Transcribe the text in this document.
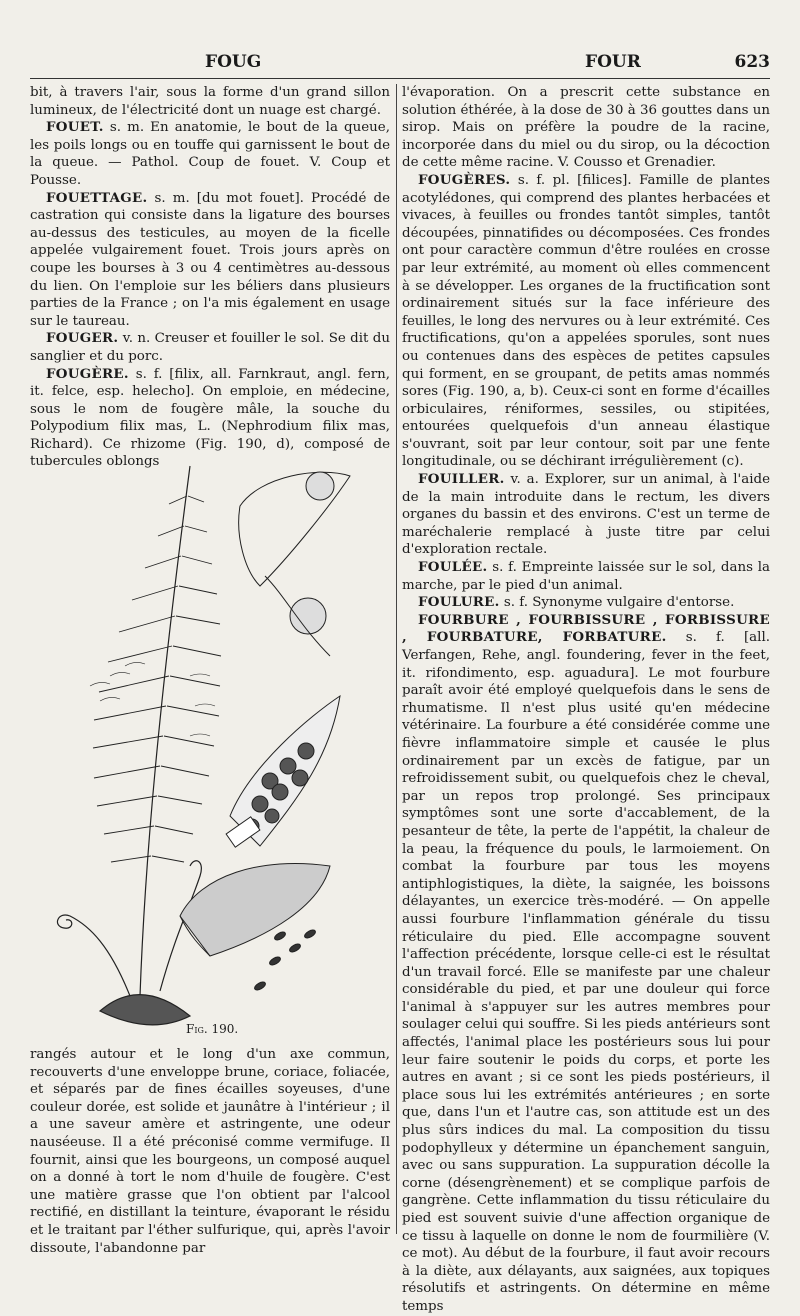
FOUG	FOUR	623

bit, à travers l'air, sous la forme d'un grand sillon lumineux, de l'électricité dont un nuage est chargé.

FOUET. s. m. En anatomie, le bout de la queue, les poils longs ou en touffe qui garnissent le bout de la queue. — Pathol. Coup de fouet. V. Coup et Pousse.

FOUETTAGE. s. m. [du mot fouet]. Procédé de castration qui consiste dans la ligature des bourses au-dessus des testicules, au moyen de la ficelle appelée vulgairement fouet. Trois jours après on coupe les bourses à 3 ou 4 centimètres au-dessous du lien. On l'emploie sur les béliers dans plusieurs parties de la France ; on l'a mis également en usage sur le taureau.

FOUGER. v. n. Creuser et fouiller le sol. Se dit du sanglier et du porc.

FOUGÈRE. s. f. [filix, all. Farnkraut, angl. fern, it. felce, esp. helecho]. On emploie, en médecine, sous le nom de fougère mâle, la souche du Polypodium filix mas, L. (Nephrodium filix mas, Richard). Ce rhizome (Fig. 190, d), composé de tubercules oblongs

Fig. 190.

rangés autour et le long d'un axe commun, recouverts d'une enveloppe brune, coriace, foliacée, et séparés par de fines écailles soyeuses, d'une couleur dorée, est solide et jaunâtre à l'intérieur ; il a une saveur amère et astringente, une odeur nauséeuse. Il a été préconisé comme vermifuge. Il fournit, ainsi que les bourgeons, un composé auquel on a donné à tort le nom d'huile de fougère. C'est une matière grasse que l'on obtient par l'alcool rectifié, en distillant la teinture, évaporant le résidu et le traitant par l'éther sulfurique, qui, après l'avoir dissoute, l'abandonne par

l'évaporation. On a prescrit cette substance en solution éthérée, à la dose de 30 à 36 gouttes dans un sirop. Mais on préfère la poudre de la racine, incorporée dans du miel ou du sirop, ou la décoction de cette même racine. V. Cousso et Grenadier.

FOUGÈRES. s. f. pl. [filices]. Famille de plantes acotylédones, qui comprend des plantes herbacées et vivaces, à feuilles ou frondes tantôt simples, tantôt découpées, pinnatifides ou décomposées. Ces frondes ont pour caractère commun d'être roulées en crosse par leur extrémité, au moment où elles commencent à se développer. Les organes de la fructification sont ordinairement situés sur la face inférieure des feuilles, le long des nervures ou à leur extrémité. Ces fructifications, qu'on a appelées sporules, sont nues ou contenues dans des espèces de petites capsules qui forment, en se groupant, de petits amas nommés sores (Fig. 190, a, b). Ceux-ci sont en forme d'écailles orbiculaires, réniformes, sessiles, ou stipitées, entourées quelquefois d'un anneau élastique s'ouvrant, soit par leur contour, soit par une fente longitudinale, ou se déchirant irrégulièrement (c).

FOUILLER. v. a. Explorer, sur un animal, à l'aide de la main introduite dans le rectum, les divers organes du bassin et des environs. C'est un terme de maréchalerie remplacé à juste titre par celui d'exploration rectale.

FOULÉE. s. f. Empreinte laissée sur le sol, dans la marche, par le pied d'un animal.

FOULURE. s. f. Synonyme vulgaire d'entorse.

FOURBURE , FOURBISSURE , FORBISSURE , FOURBATURE, FORBATURE. s. f. [all. Verfangen, Rehe, angl. foundering, fever in the feet, it. rifondimento, esp. aguadura]. Le mot fourbure paraît avoir été employé quelquefois dans le sens de rhumatisme. Il n'est plus usité qu'en médecine vétérinaire. La fourbure a été considérée comme une fièvre inflammatoire simple et causée le plus ordinairement par un excès de fatigue, par un refroidissement subit, ou quelquefois chez le cheval, par un repos trop prolongé. Ses principaux symptômes sont une sorte d'accablement, de la pesanteur de tête, la perte de l'appétit, la chaleur de la peau, la fréquence du pouls, le larmoiement. On combat la fourbure par tous les moyens antiphlogistiques, la diète, la saignée, les boissons délayantes, un exercice très-modéré. — On appelle aussi fourbure l'inflammation générale du tissu réticulaire du pied. Elle accompagne souvent l'affection précédente, lorsque celle-ci est le résultat d'un travail forcé. Elle se manifeste par une chaleur considérable du pied, et par une douleur qui force l'animal à s'appuyer sur les autres membres pour soulager celui qui souffre. Si les pieds antérieurs sont affectés, l'animal place les postérieurs sous lui pour leur faire soutenir le poids du corps, et porte les autres en avant ; si ce sont les pieds postérieurs, il place sous lui les extrémités antérieures ; en sorte que, dans l'un et l'autre cas, son attitude est un des plus sûrs indices du mal. La composition du tissu podophylleux y détermine un épanchement sanguin, avec ou sans suppuration. La suppuration décolle la corne (désengrènement) et se complique parfois de gangrène. Cette inflammation du tissu réticulaire du pied est souvent suivie d'une affection organique de ce tissu à laquelle on donne le nom de fourmilière (V. ce mot). Au début de la fourbure, il faut avoir recours à la diète, aux délayants, aux saignées, aux topiques résolutifs et astringents. On détermine en même temps
